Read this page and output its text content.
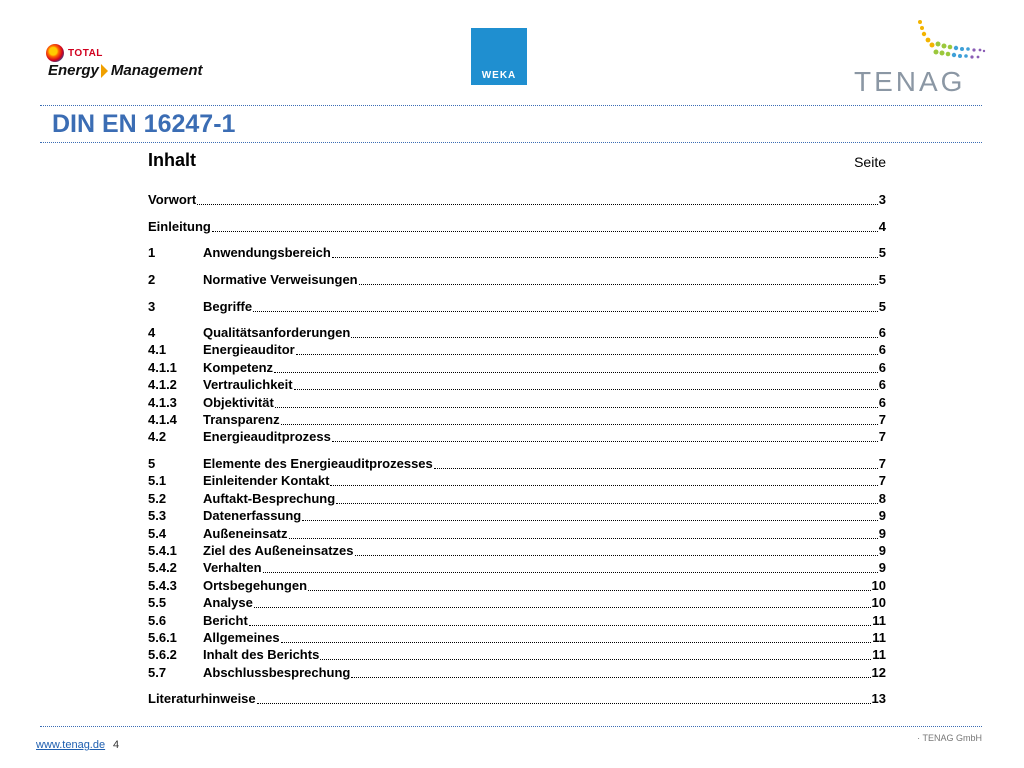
TOTAL
Energy Management	WEKA	TENAG
DIN EN 16247-1
Inhalt	Seite
Vorwort	3
Einleitung	4
1	Anwendungsbereich	5
2	Normative Verweisungen	5
3	Begriffe	5
4	Qualitätsanforderungen	6
4.1	Energieauditor	6
4.1.1	Kompetenz	6
4.1.2	Vertraulichkeit	6
4.1.3	Objektivität	6
4.1.4	Transparenz	7
4.2	Energieauditprozess	7
5	Elemente des Energieauditprozesses	7
5.1	Einleitender Kontakt	7
5.2	Auftakt-Besprechung	8
5.3	Datenerfassung	9
5.4	Außeneinsatz	9
5.4.1	Ziel des Außeneinsatzes	9
5.4.2	Verhalten	9
5.4.3	Ortsbegehungen	10
5.5	Analyse	10
5.6	Bericht	11
5.6.1	Allgemeines	11
5.6.2	Inhalt des Berichts	11
5.7	Abschlussbesprechung	12
Literaturhinweise	13
www.tenag.de 4
· TENAG GmbH
